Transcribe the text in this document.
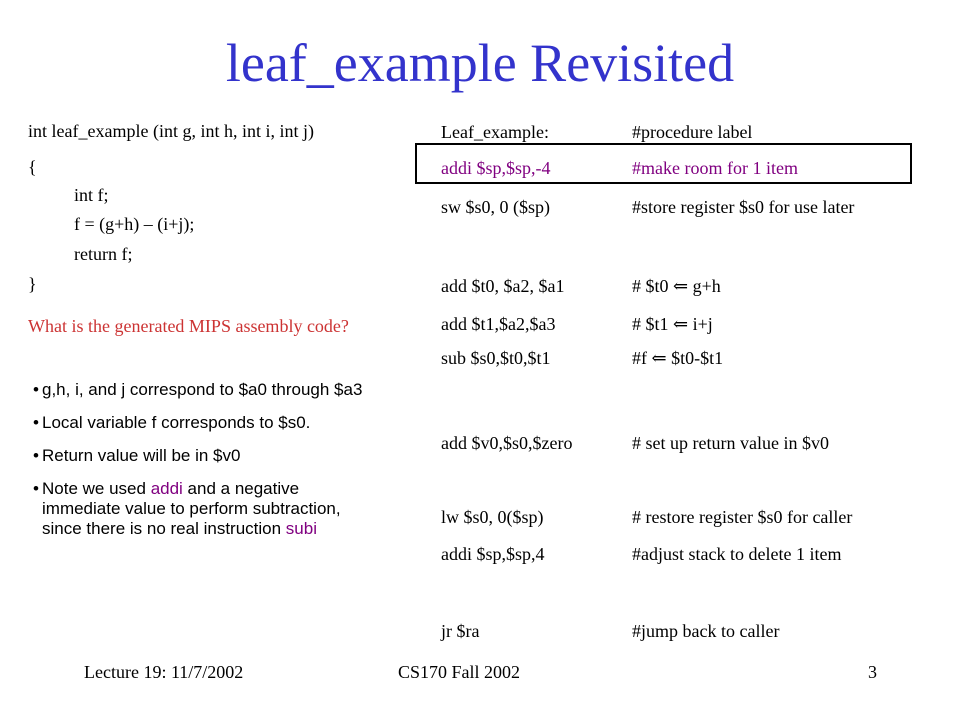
leaf_example Revisited
int leaf_example (int g, int h, int i, int j)
{
int f;
f = (g+h) – (i+j);
return f;
}
What is the generated MIPS assembly code?
• g,h, i, and j correspond to $a0 through $a3
• Local variable f corresponds to $s0.
• Return value will be in $v0
• Note we used addi and a negative immediate value to perform subtraction, since there is no real instruction subi
Leaf_example:	#procedure label
addi $sp,$sp,-4	#make room for 1 item
sw $s0, 0 ($sp)	#store register $s0 for use later
add $t0, $a2, $a1	# $t0 ⇐ g+h
add $t1,$a2,$a3	# $t1 ⇐ i+j
sub $s0,$t0,$t1	#f ⇐ $t0-$t1
add $v0,$s0,$zero	# set up return value in $v0
lw $s0, 0($sp)	# restore register $s0 for caller
addi $sp,$sp,4	#adjust stack to delete 1 item
jr $ra	#jump back to caller
Lecture 19: 11/7/2002	CS170 Fall 2002	3
